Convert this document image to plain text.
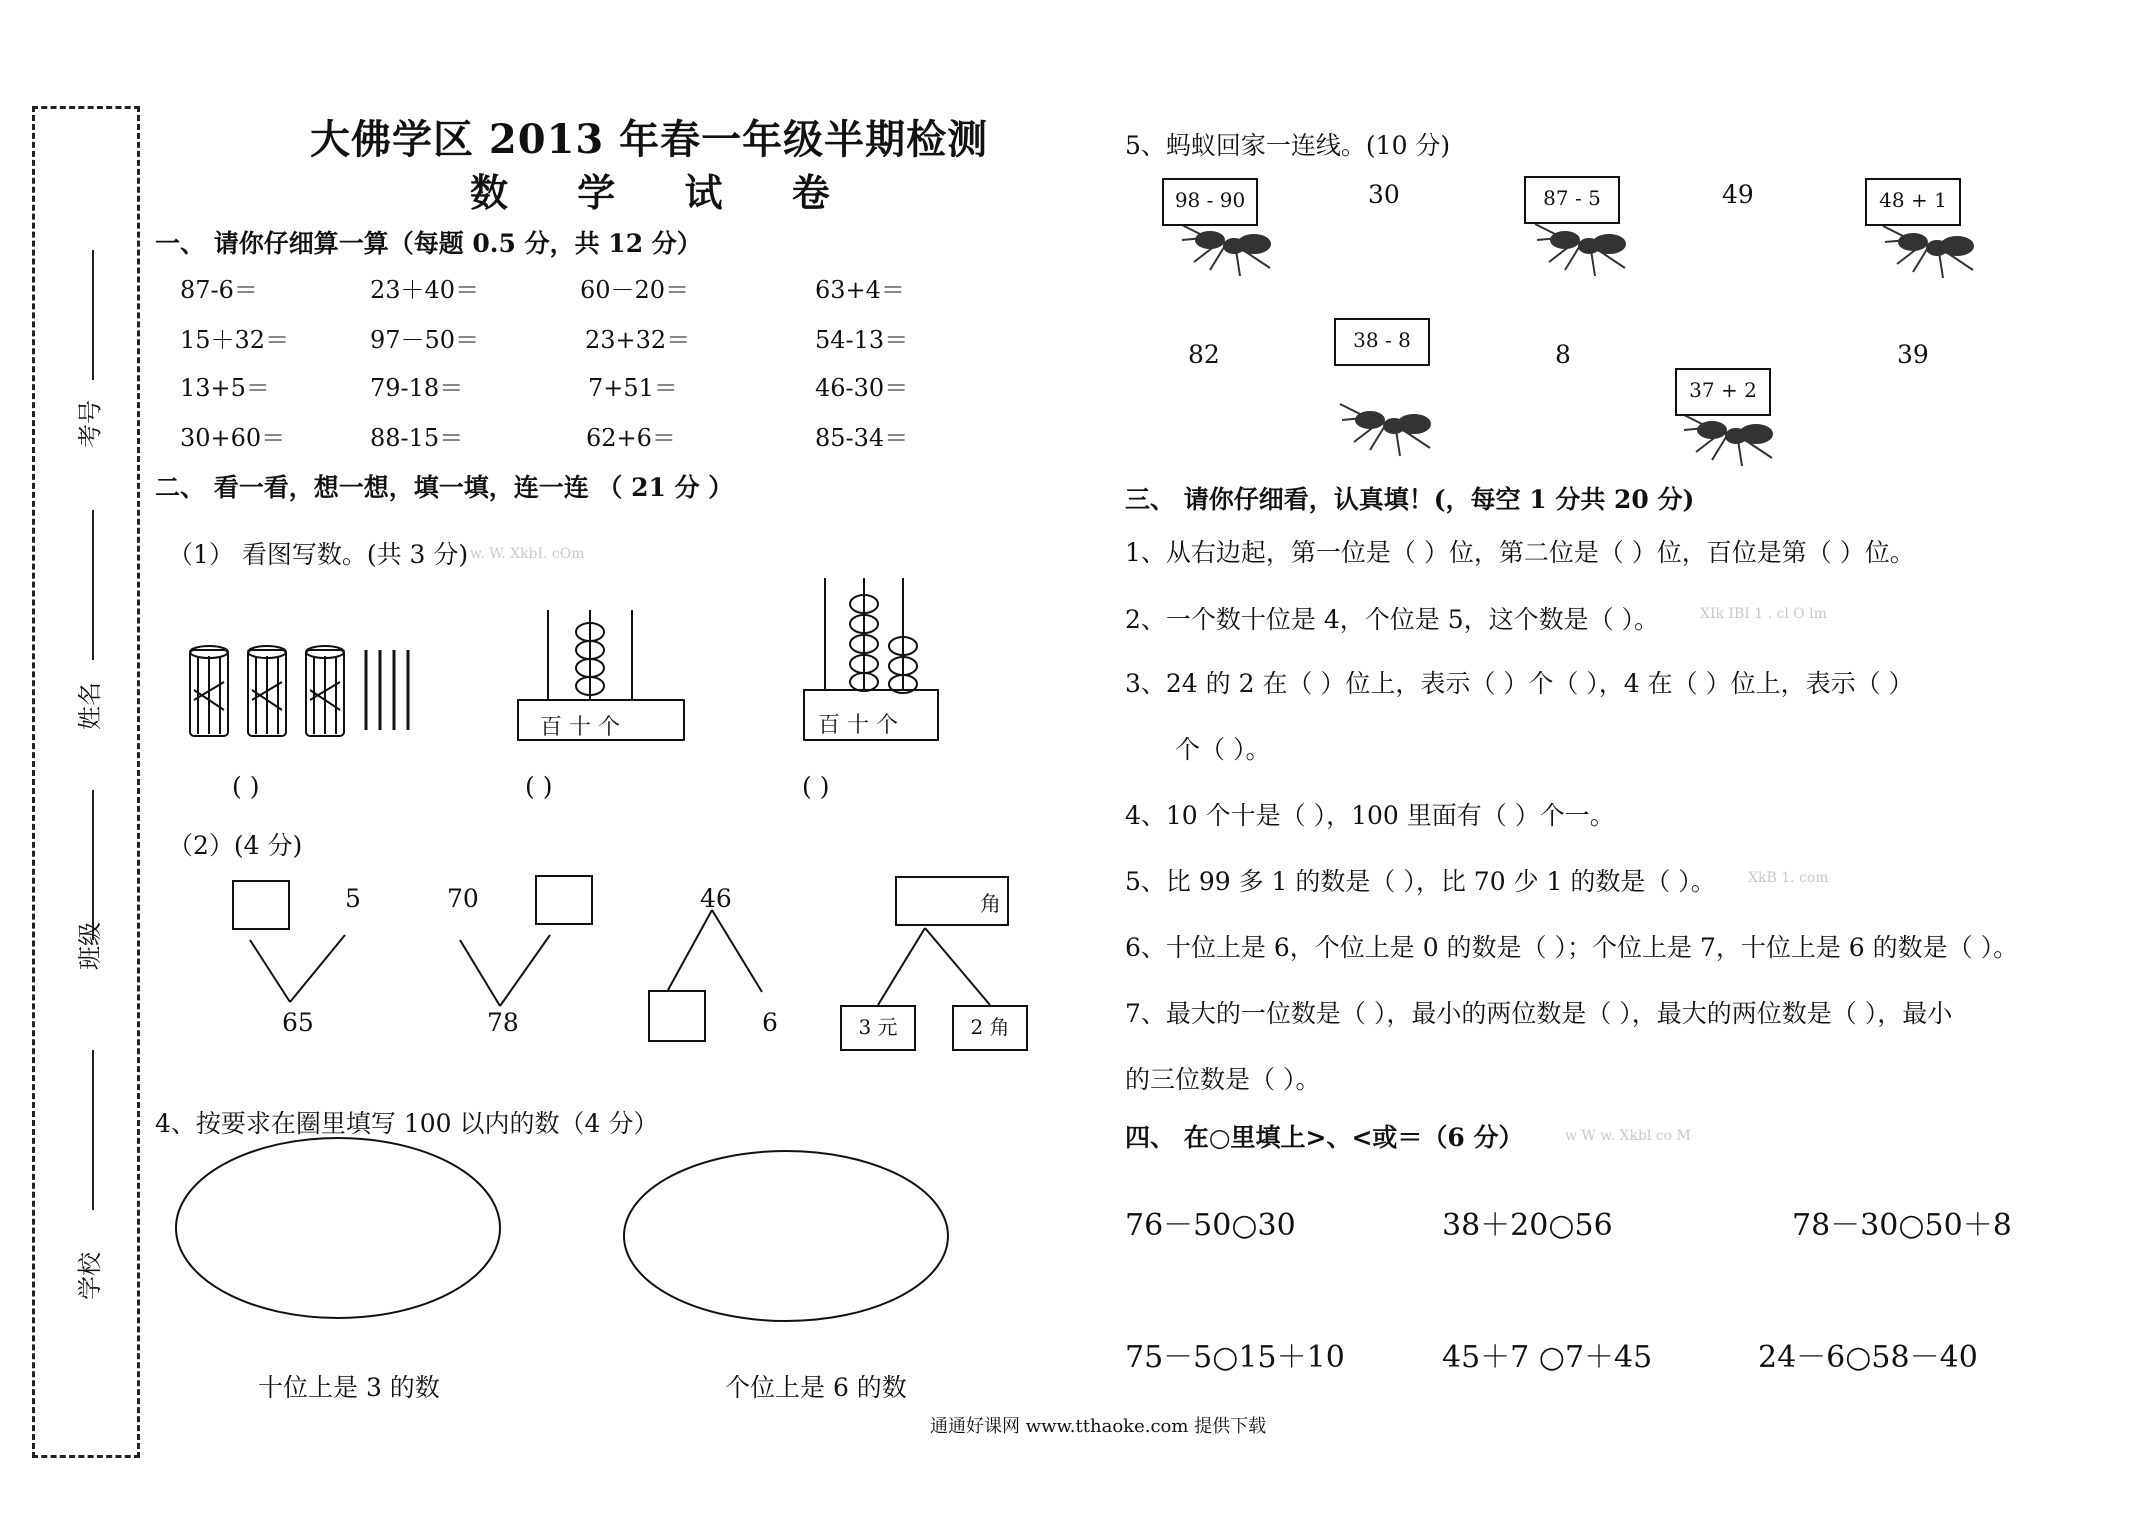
考号
姓名
班级
学校
大佛学区 2013 年春一年级半期检测
数 学 试 卷
一、 请你仔细算一算（每题 0.5 分，共 12 分）
87-6＝	23＋40＝	60－20＝	63+4＝
15＋32＝	97－50＝	23+32＝	54-13＝
13+5＝	79-18＝	7+51＝	46-30＝
30+60＝	88-15＝	62+6＝	85-34＝
二、 看一看，想一想，填一填，连一连 （ 21 分 ）
（1） 看图写数。(共 3 分) w. W. XkbI. cOm
百 十 个	百 十 个
( )	( )	( )
（2）(4 分)
5
65
70
78
46
6
角
3 元	2 角
4、按要求在圈里填写 100 以内的数（4 分）
十位上是 3 的数	个位上是 6 的数
5、蚂蚁回家一连线。(10 分)
98 - 90	87 - 5	48 + 1
38 - 8
37 + 2
30	49
82	8	39
三、 请你仔细看，认真填！(，每空 1 分共 20 分)
1、从右边起，第一位是（ ）位，第二位是（ ）位，百位是第（ ）位。
2、一个数十位是 4，个位是 5，这个数是（ ）。	XIk IBI 1 . cl O lm
3、24 的 2 在（ ）位上，表示（ ）个（ ），4 在（ ）位上，表示（ ）
个（ ）。
4、10 个十是（ ），100 里面有（ ）个一。
5、比 99 多 1 的数是（ ），比 70 少 1 的数是（ ）。 XkB 1. com
6、十位上是 6，个位上是 0 的数是（ ）；个位上是 7，十位上是 6 的数是（ ）。
7、最大的一位数是（ ），最小的两位数是（ ），最大的两位数是（ ），最小
的三位数是（ ）。
四、 在○里填上>、<或＝（6 分）	w W w. Xkbl co M
76－50○30	38＋20○56	78－30○50＋8
75－5○15＋10	45＋7 ○7＋45	24－6○58－40
通通好课网 www.tthaoke.com 提供下载
